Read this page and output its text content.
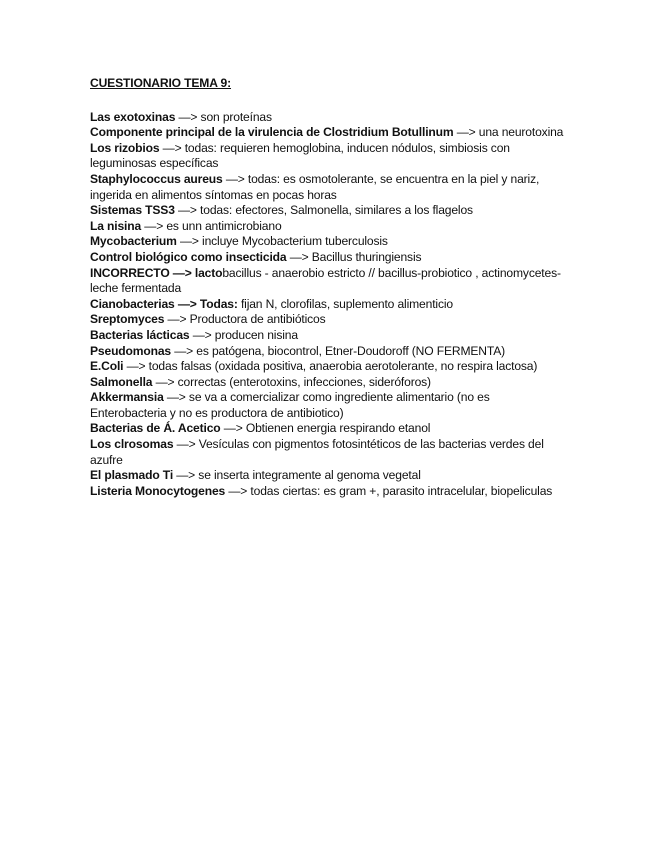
CUESTIONARIO TEMA 9:
Las exotoxinas —> son proteínas
Componente principal de la virulencia de Clostridium Botullinum —> una neurotoxina
Los rizobios —> todas: requieren hemoglobina, inducen nódulos, simbiosis con leguminosas específicas
Staphylococcus aureus —> todas: es osmotolerante, se encuentra en la piel y nariz, ingerida en alimentos síntomas en pocas horas
Sistemas TSS3 —> todas: efectores, Salmonella, similares a los flagelos
La nisina —> es unn antimicrobiano
Mycobacterium —> incluye Mycobacterium tuberculosis
Control biológico como insecticida —> Bacillus thuringiensis
INCORRECTO —> lactobacillus - anaerobio estricto // bacillus-probiotico , actinomycetes-leche fermentada
Cianobacterias —> Todas: fijan N, clorofilas, suplemento alimenticio
Sreptomyces —> Productora de antibióticos
Bacterias lácticas —> producen nisina
Pseudomonas —> es patógena, biocontrol, Etner-Doudoroff (NO FERMENTA)
E.Coli —> todas falsas (oxidada positiva, anaerobia aerotolerante, no respira lactosa)
Salmonella —> correctas (enterotoxins, infecciones, sideróforos)
Akkermansia —> se va a comercializar como ingrediente alimentario (no es Enterobacteria y no es productora de antibiotico)
Bacterias de Á. Acetico —> Obtienen energia respirando etanol
Los clrosomas —> Vesículas con pigmentos fotosintéticos de las bacterias verdes del azufre
El plasmado Ti —> se inserta integramente al genoma vegetal
Listeria Monocytogenes —> todas ciertas: es gram +, parasito intracelular, biopeliculas
